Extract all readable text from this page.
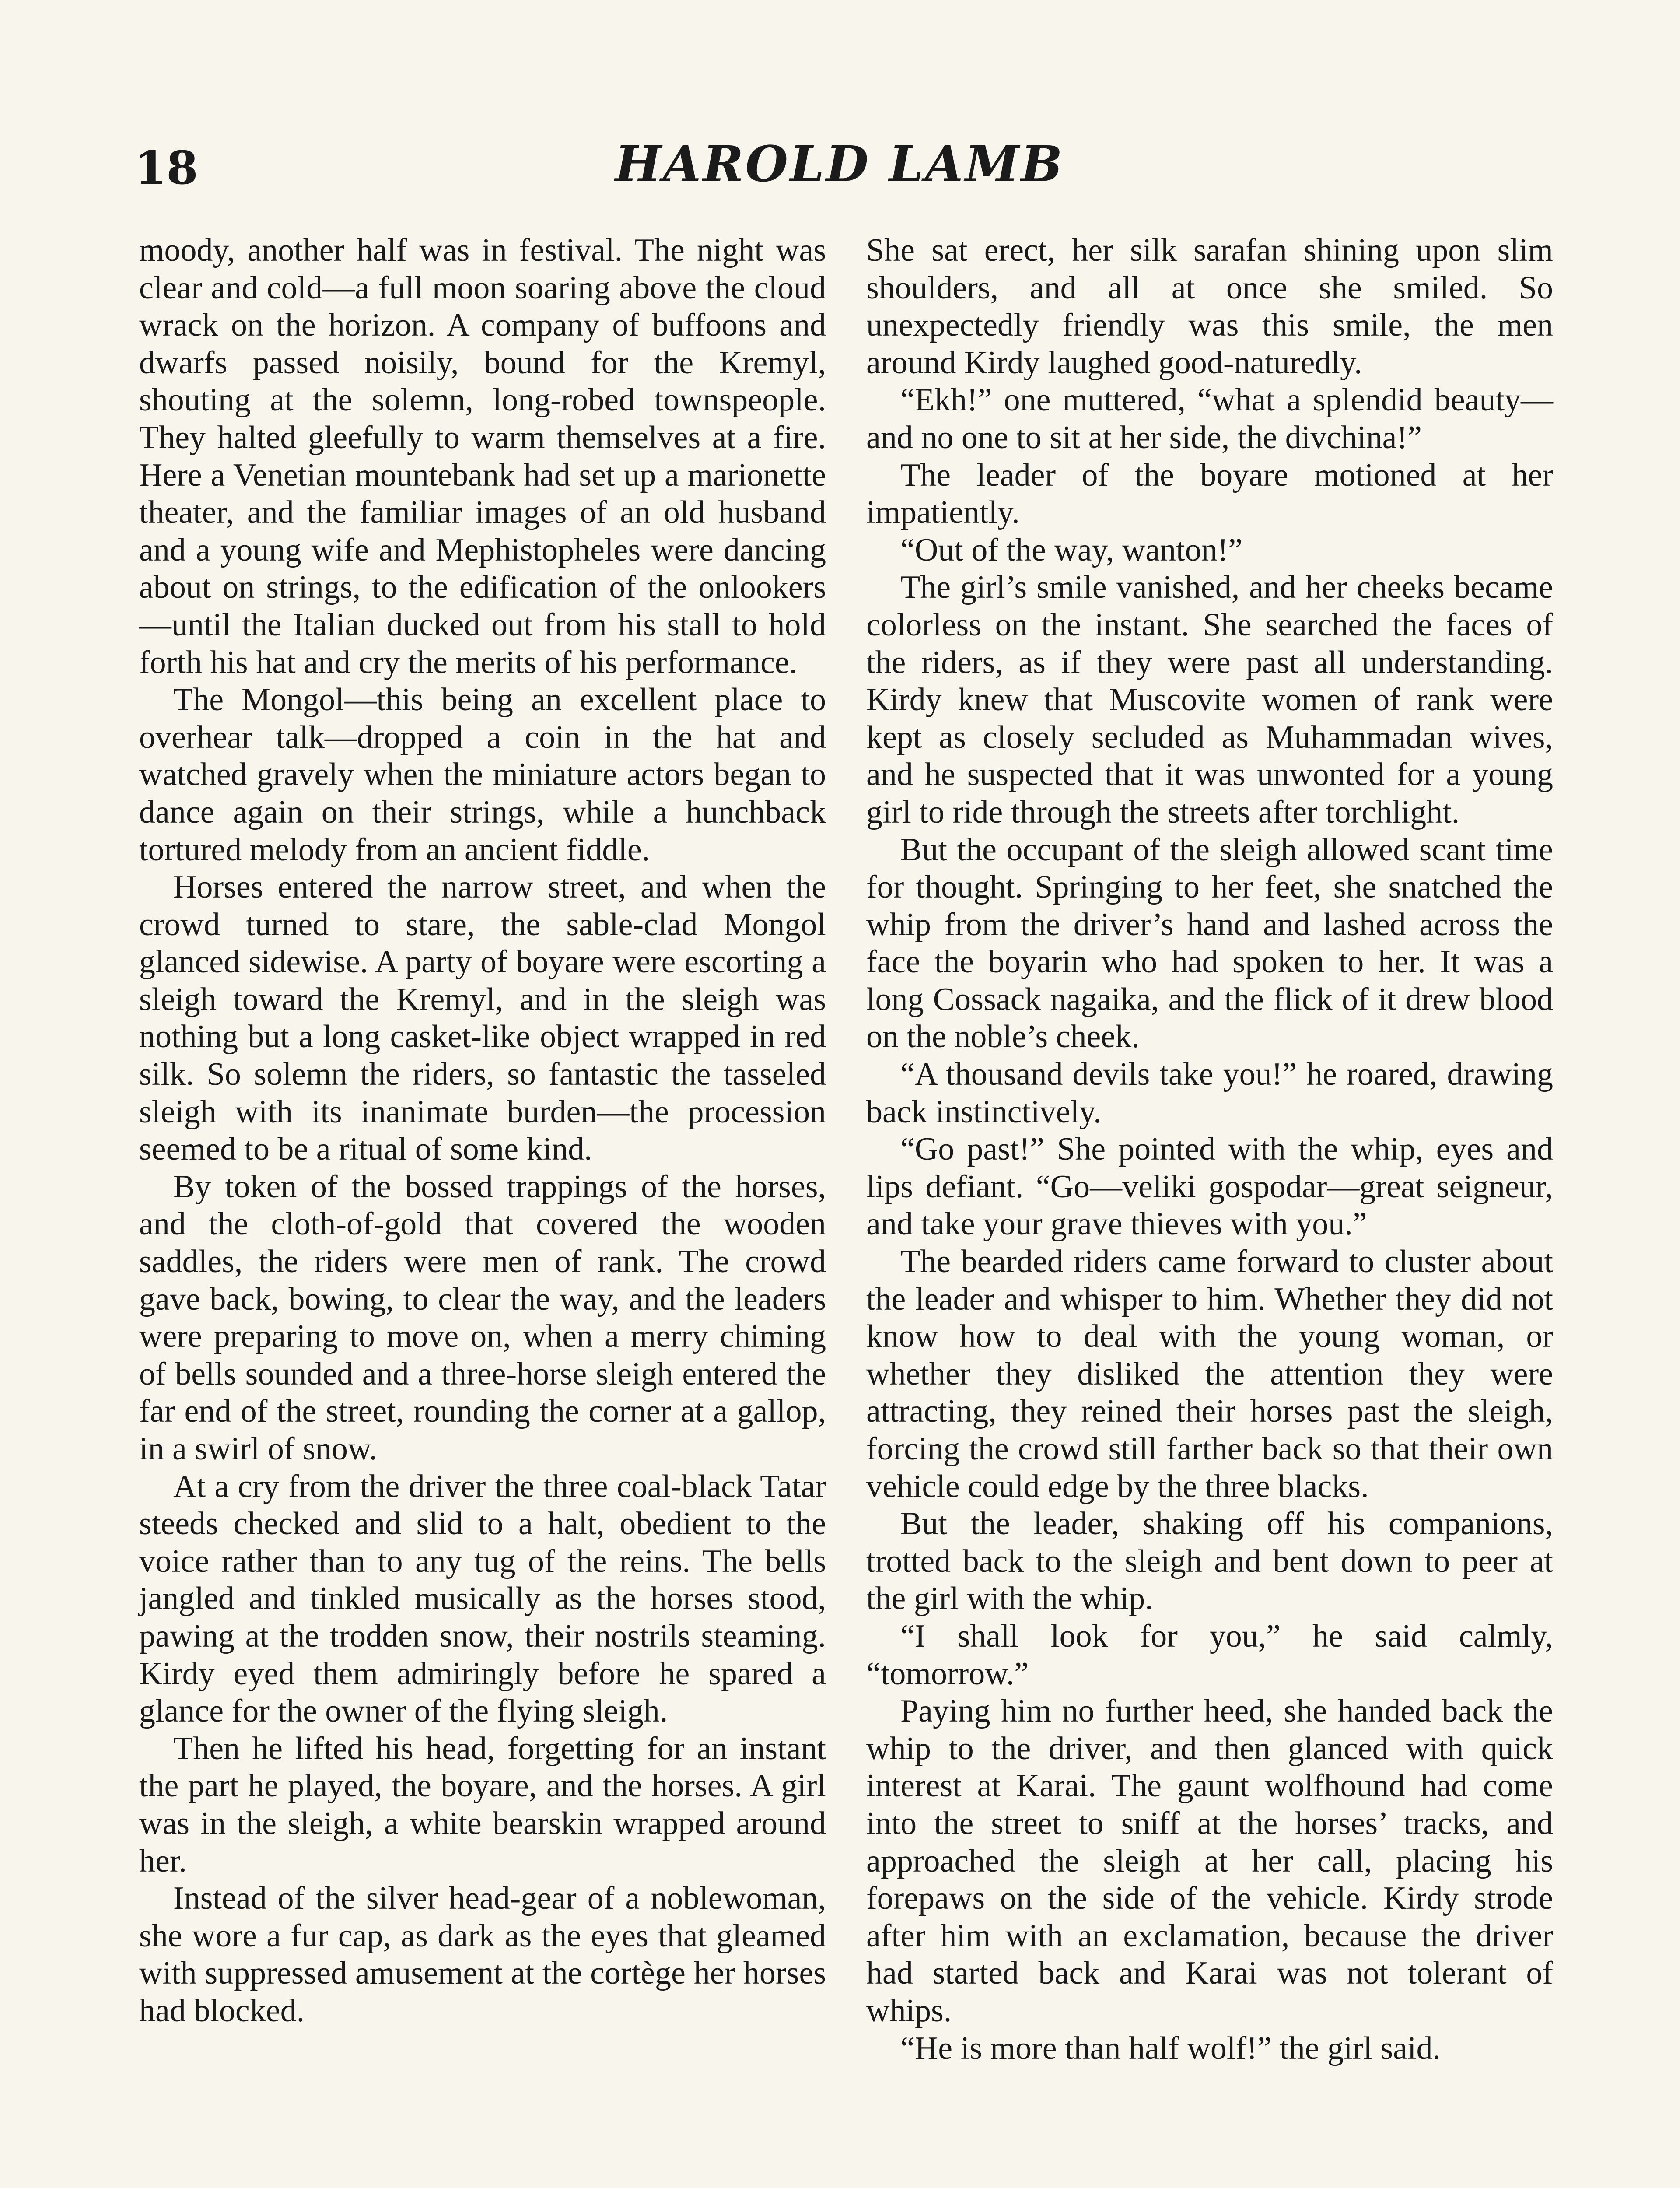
18	HAROLD LAMB

moody, another half was in festival. The night was clear and cold—a full moon soaring above the cloud wrack on the horizon. A company of buffoons and dwarfs passed noisily, bound for the Kremyl, shouting at the solemn, long-robed townspeople. They halted gleefully to warm themselves at a fire. Here a Venetian mountebank had set up a marionette theater, and the familiar images of an old husband and a young wife and Mephistopheles were dancing about on strings, to the edification of the onlookers—until the Italian ducked out from his stall to hold forth his hat and cry the merits of his performance.

The Mongol—this being an excellent place to overhear talk—dropped a coin in the hat and watched gravely when the miniature actors began to dance again on their strings, while a hunchback tortured melody from an ancient fiddle.

Horses entered the narrow street, and when the crowd turned to stare, the sable-clad Mongol glanced sidewise. A party of boyare were escorting a sleigh toward the Kremyl, and in the sleigh was nothing but a long casket-like object wrapped in red silk. So solemn the riders, so fantastic the tasseled sleigh with its inanimate burden—the procession seemed to be a ritual of some kind.

By token of the bossed trappings of the horses, and the cloth-of-gold that covered the wooden saddles, the riders were men of rank. The crowd gave back, bowing, to clear the way, and the leaders were preparing to move on, when a merry chiming of bells sounded and a three-horse sleigh entered the far end of the street, rounding the corner at a gallop, in a swirl of snow.

At a cry from the driver the three coal-black Tatar steeds checked and slid to a halt, obedient to the voice rather than to any tug of the reins. The bells jangled and tinkled musically as the horses stood, pawing at the trodden snow, their nostrils steaming. Kirdy eyed them admiringly before he spared a glance for the owner of the flying sleigh.

Then he lifted his head, forgetting for an instant the part he played, the boyare, and the horses. A girl was in the sleigh, a white bearskin wrapped around her.

Instead of the silver head-gear of a noblewoman, she wore a fur cap, as dark as the eyes that gleamed with suppressed amusement at the cortège her horses had blocked.

She sat erect, her silk sarafan shining upon slim shoulders, and all at once she smiled. So unexpectedly friendly was this smile, the men around Kirdy laughed good-naturedly.

“Ekh!” one muttered, “what a splendid beauty—and no one to sit at her side, the divchina!”

The leader of the boyare motioned at her impatiently.

“Out of the way, wanton!”

The girl’s smile vanished, and her cheeks became colorless on the instant. She searched the faces of the riders, as if they were past all understanding. Kirdy knew that Muscovite women of rank were kept as closely secluded as Muhammadan wives, and he suspected that it was unwonted for a young girl to ride through the streets after torchlight.

But the occupant of the sleigh allowed scant time for thought. Springing to her feet, she snatched the whip from the driver’s hand and lashed across the face the boyarin who had spoken to her. It was a long Cossack nagaika, and the flick of it drew blood on the noble’s cheek.

“A thousand devils take you!” he roared, drawing back instinctively.

“Go past!” She pointed with the whip, eyes and lips defiant. “Go—veliki gospodar—great seigneur, and take your grave thieves with you.”

The bearded riders came forward to cluster about the leader and whisper to him. Whether they did not know how to deal with the young woman, or whether they disliked the attention they were attracting, they reined their horses past the sleigh, forcing the crowd still farther back so that their own vehicle could edge by the three blacks.

But the leader, shaking off his companions, trotted back to the sleigh and bent down to peer at the girl with the whip.

“I shall look for you,” he said calmly, “tomorrow.”

Paying him no further heed, she handed back the whip to the driver, and then glanced with quick interest at Karai. The gaunt wolfhound had come into the street to sniff at the horses’ tracks, and approached the sleigh at her call, placing his forepaws on the side of the vehicle. Kirdy strode after him with an exclamation, because the driver had started back and Karai was not tolerant of whips.

“He is more than half wolf!” the girl said.
